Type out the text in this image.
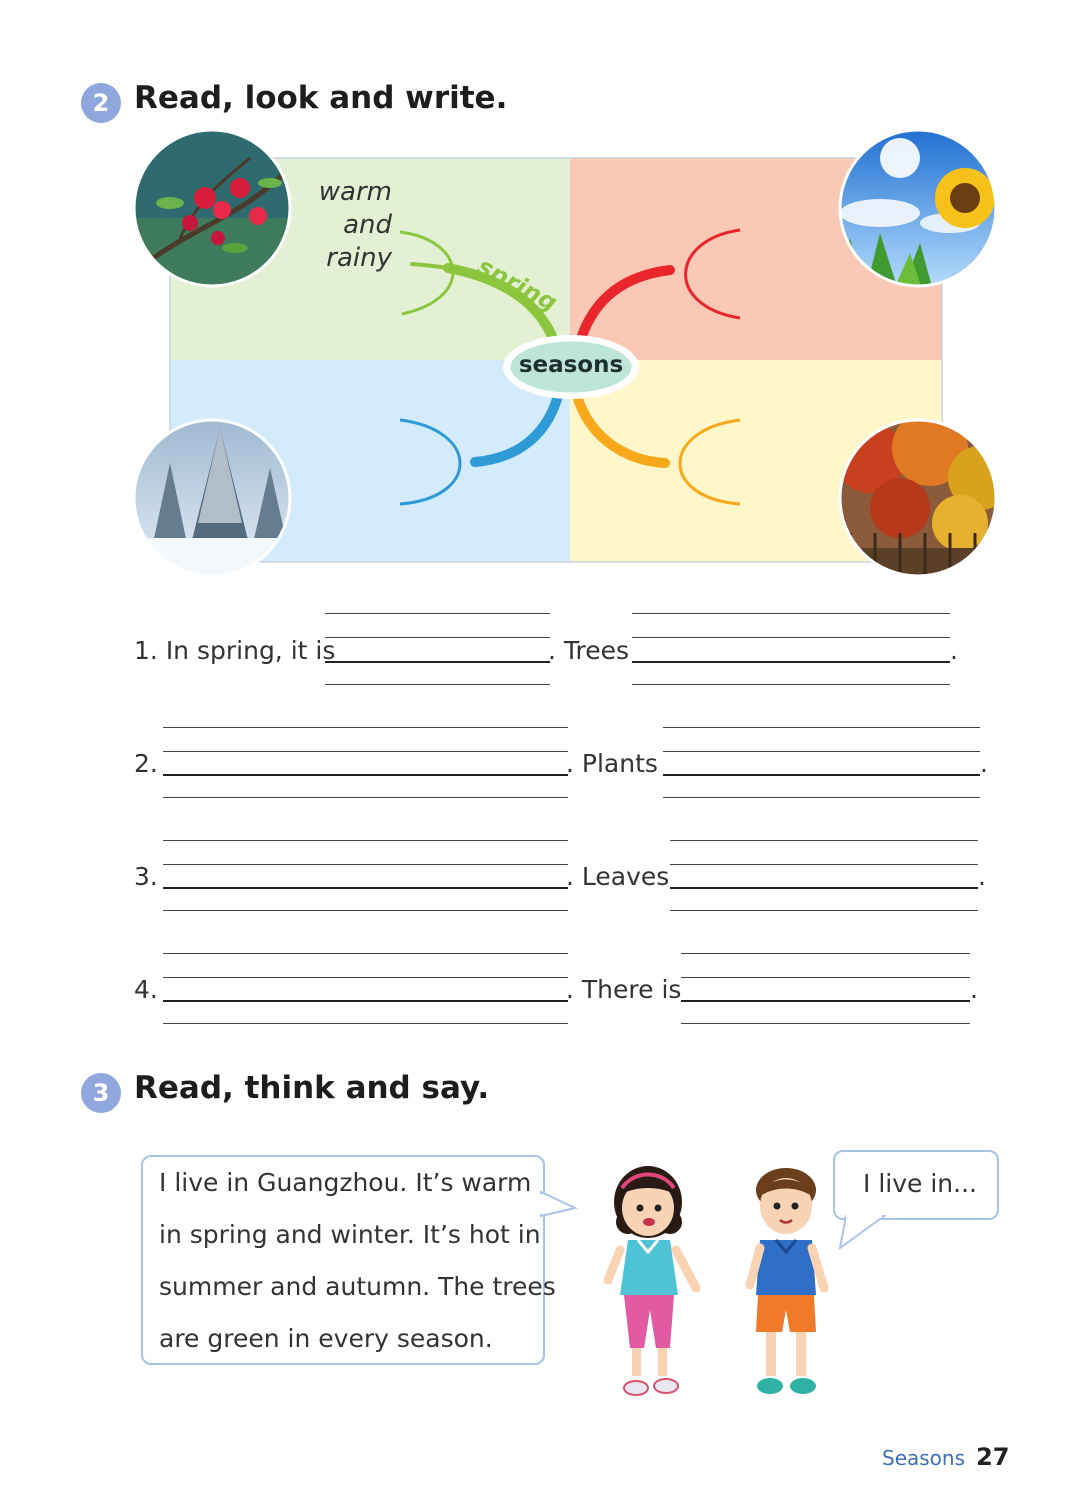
2 Read, look and write.
warm
and
rainy	spring
seasons
1. In spring, it is	. Trees	.
2.	. Plants	.
3.	. Leaves	.
4.	. There is	.
3 Read, think and say.
I live in Guangzhou. It’s warm
in spring and winter. It’s hot in
summer and autumn. The trees
are green in every season.
I live in...
Seasons 27
